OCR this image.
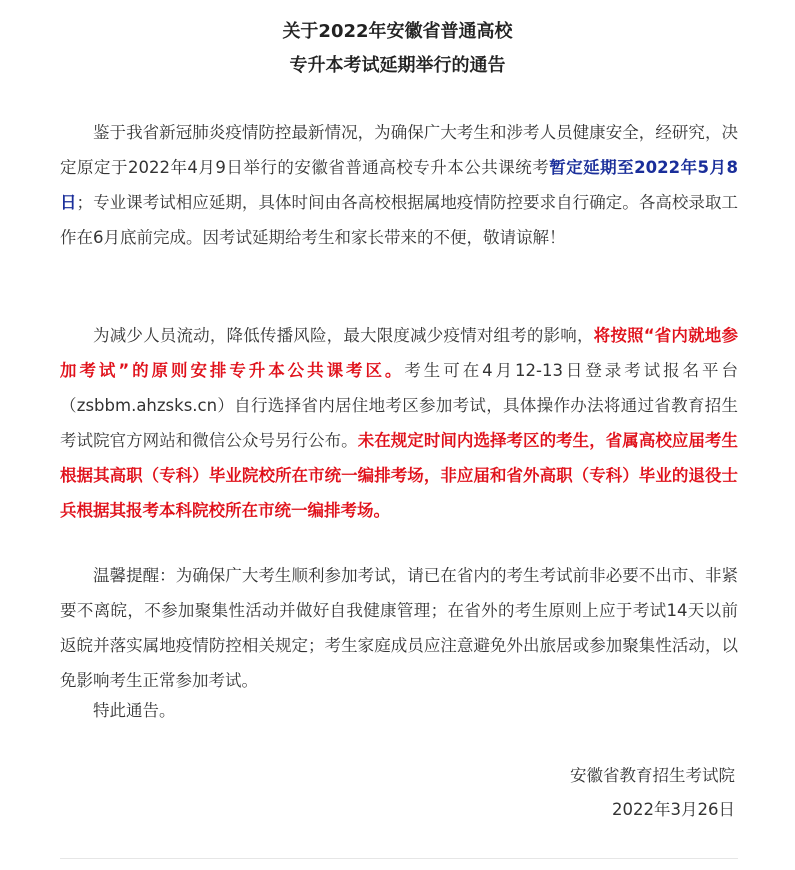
关于2022年安徽省普通高校
专升本考试延期举行的通告

鉴于我省新冠肺炎疫情防控最新情况，为确保广大考生和涉考人员健康安全，经研究，决定原定于2022年4月9日举行的安徽省普通高校专升本公共课统考暂定延期至2022年5月8日；专业课考试相应延期，具体时间由各高校根据属地疫情防控要求自行确定。各高校录取工作在6月底前完成。因考试延期给考生和家长带来的不便，敬请谅解！

为减少人员流动，降低传播风险，最大限度减少疫情对组考的影响，将按照“省内就地参加考试”的原则安排专升本公共课考区。考生可在4月12-13日登录考试报名平台（zsbbm.ahzsks.cn）自行选择省内居住地考区参加考试，具体操作办法将通过省教育招生考试院官方网站和微信公众号另行公布。未在规定时间内选择考区的考生，省属高校应届考生根据其高职（专科）毕业院校所在市统一编排考场，非应届和省外高职（专科）毕业的退役士兵根据其报考本科院校所在市统一编排考场。

温馨提醒：为确保广大考生顺利参加考试，请已在省内的考生考试前非必要不出市、非紧要不离皖，不参加聚集性活动并做好自我健康管理；在省外的考生原则上应于考试14天以前返皖并落实属地疫情防控相关规定；考生家庭成员应注意避免外出旅居或参加聚集性活动，以免影响考生正常参加考试。

特此通告。

安徽省教育招生考试院
2022年3月26日
